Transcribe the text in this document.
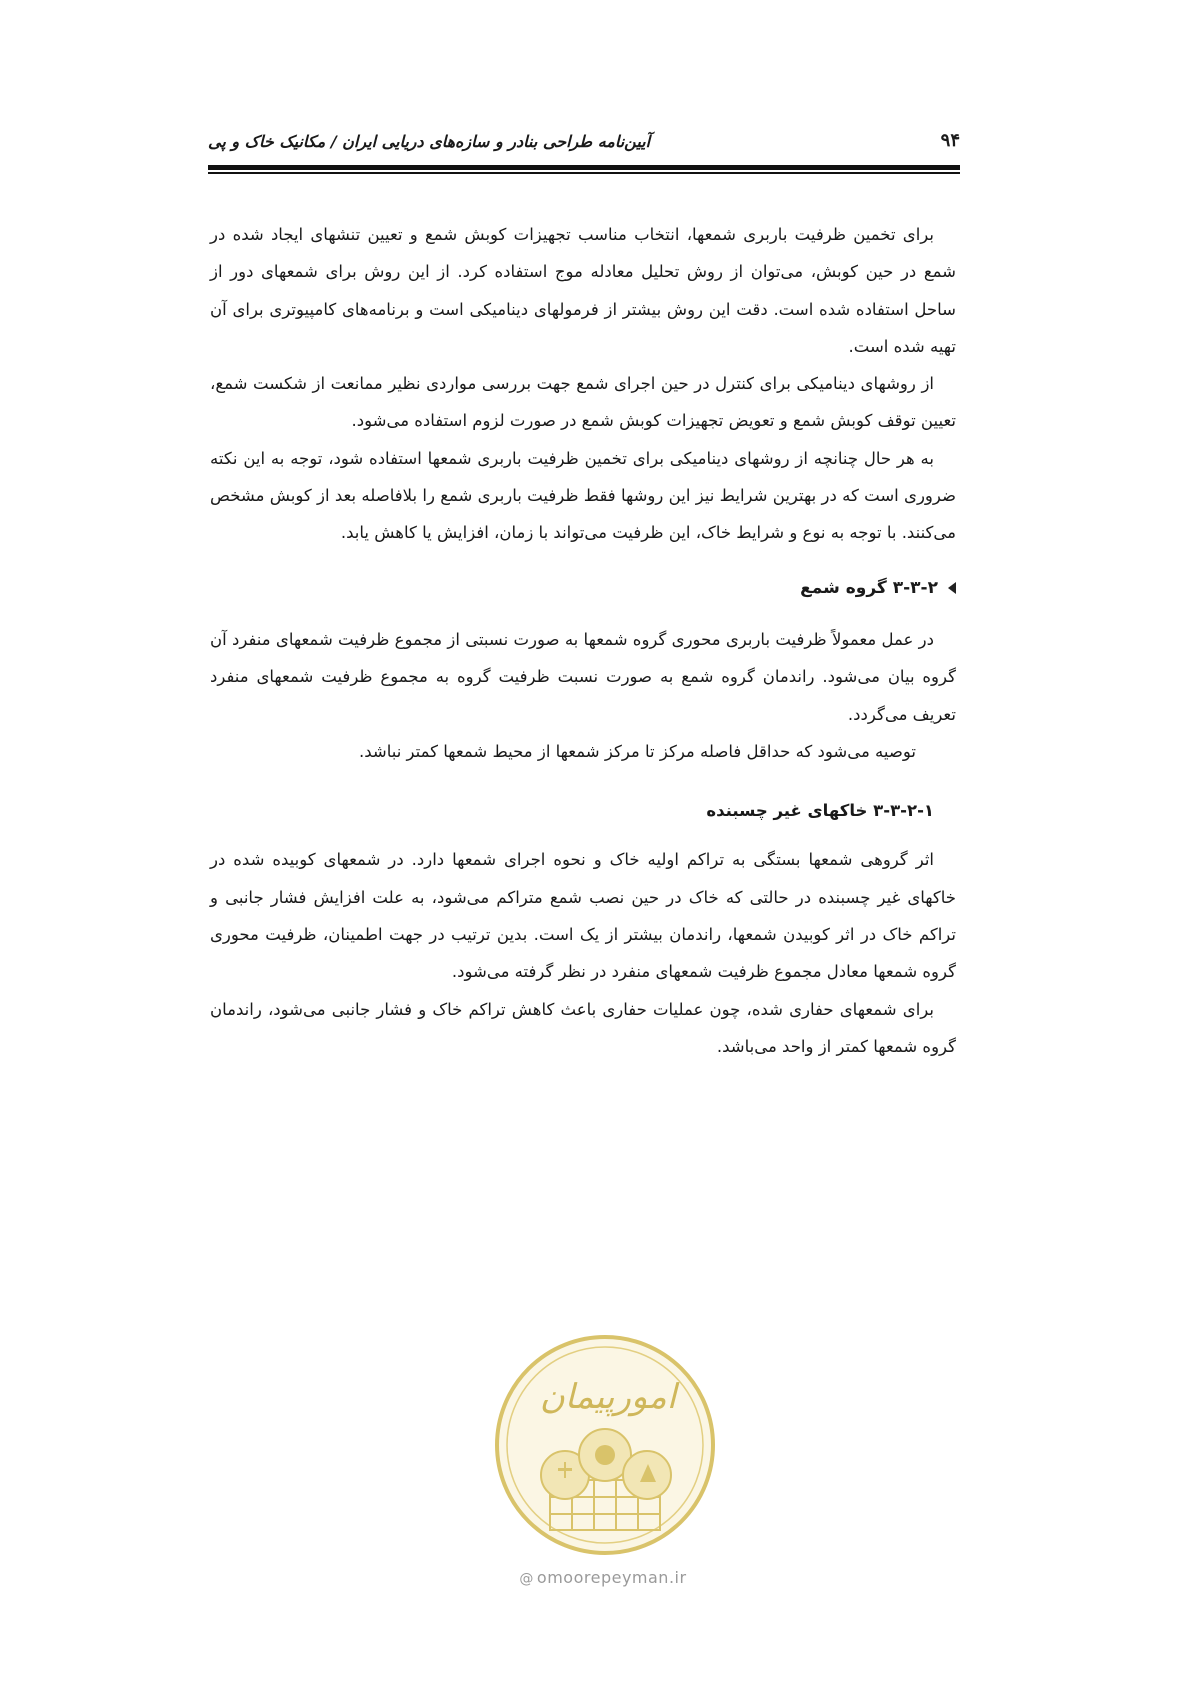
آیین‌نامه طراحی بنادر و سازه‌های دریایی ایران / مکانیک خاک و پی	۹۴

برای تخمین ظرفیت باربری شمعها، انتخاب مناسب تجهیزات کوبش شمع و تعیین تنشهای ایجاد شده در شمع در حین کوبش، می‌توان از روش تحلیل معادله موج استفاده کرد. از این روش برای شمعهای دور از ساحل استفاده شده است. دقت این روش بیشتر از فرمولهای دینامیکی است و برنامه‌های کامپیوتری برای آن تهیه شده است.

از روشهای دینامیکی برای کنترل در حین اجرای شمع جهت بررسی مواردی نظیر ممانعت از شکست شمع، تعیین توقف کوبش شمع و تعویض تجهیزات کوبش شمع در صورت لزوم استفاده می‌شود.

به هر حال چنانچه از روشهای دینامیکی برای تخمین ظرفیت باربری شمعها استفاده شود، توجه به این نکته ضروری است که در بهترین شرایط نیز این روشها فقط ظرفیت باربری شمع را بلافاصله بعد از کوبش مشخص می‌کنند. با توجه به نوع و شرایط خاک، این ظرفیت می‌تواند با زمان، افزایش یا کاهش یابد.

۳-۳-۲ گروه شمع

در عمل معمولاً ظرفیت باربری محوری گروه شمعها به صورت نسبتی از مجموع ظرفیت شمعهای منفرد آن گروه بیان می‌شود. راندمان گروه شمع به صورت نسبت ظرفیت گروه به مجموع ظرفیت شمعهای منفرد تعریف می‌گردد.

توصیه می‌شود که حداقل فاصله مرکز تا مرکز شمعها از محیط شمعها کمتر نباشد.

۳-۳-۲-۱ خاکهای غیر چسبنده

اثر گروهی شمعها بستگی به تراکم اولیه خاک و نحوه اجرای شمعها دارد. در شمعهای کوبیده شده در خاکهای غیر چسبنده در حالتی که خاک در حین نصب شمع متراکم می‌شود، به علت افزایش فشار جانبی و تراکم خاک در اثر کوبیدن شمعها، راندمان بیشتر از یک است. بدین ترتیب در جهت اطمینان، ظرفیت محوری گروه شمعها معادل مجموع ظرفیت شمعهای منفرد در نظر گرفته می‌شود.

برای شمعهای حفاری شده، چون عملیات حفاری باعث کاهش تراکم خاک و فشار جانبی می‌شود، راندمان گروه شمعها کمتر از واحد می‌باشد.

امورپیمان
@ omoorepeyman.ir
